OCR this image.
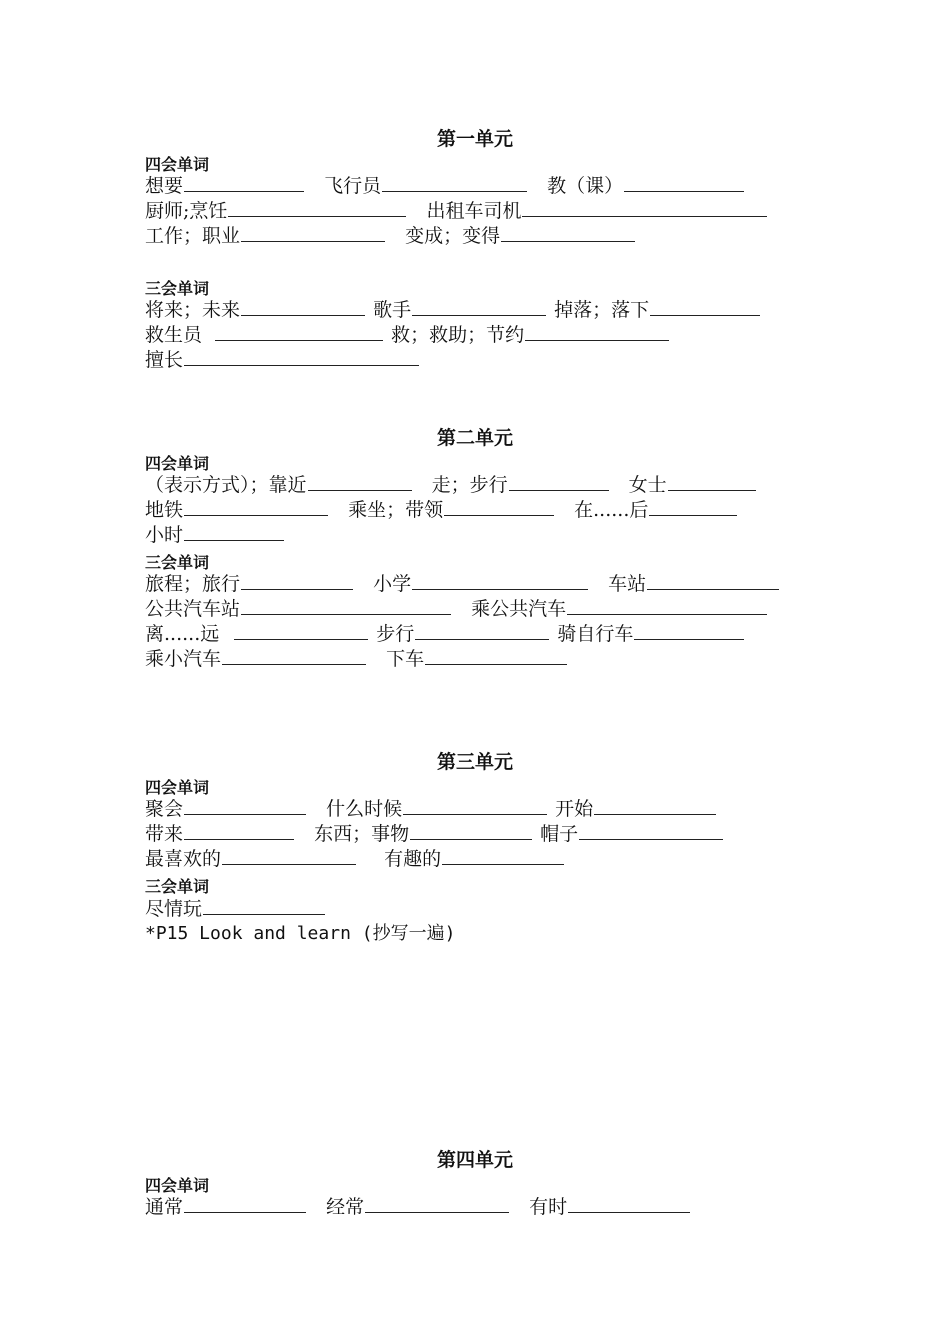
第一单元
四会单词
想要	飞行员	教（课）
厨师;烹饪	出租车司机
工作；职业	变成；变得
三会单词
将来；未来	歌手	掉落；落下
救生员	救；救助；节约
擅长
第二单元
四会单词
（表示方式）；靠近	走；步行	女士
地铁	乘坐；带领	在......后
小时
三会单词
旅程；旅行	小学	车站
公共汽车站	乘公共汽车
离......远	步行	骑自行车
乘小汽车	下车
第三单元
四会单词
聚会	什么时候	开始
带来	东西；事物	帽子
最喜欢的	有趣的
三会单词
尽情玩
*P15 Look and learn (抄写一遍)
第四单元
四会单词
通常	经常	有时
